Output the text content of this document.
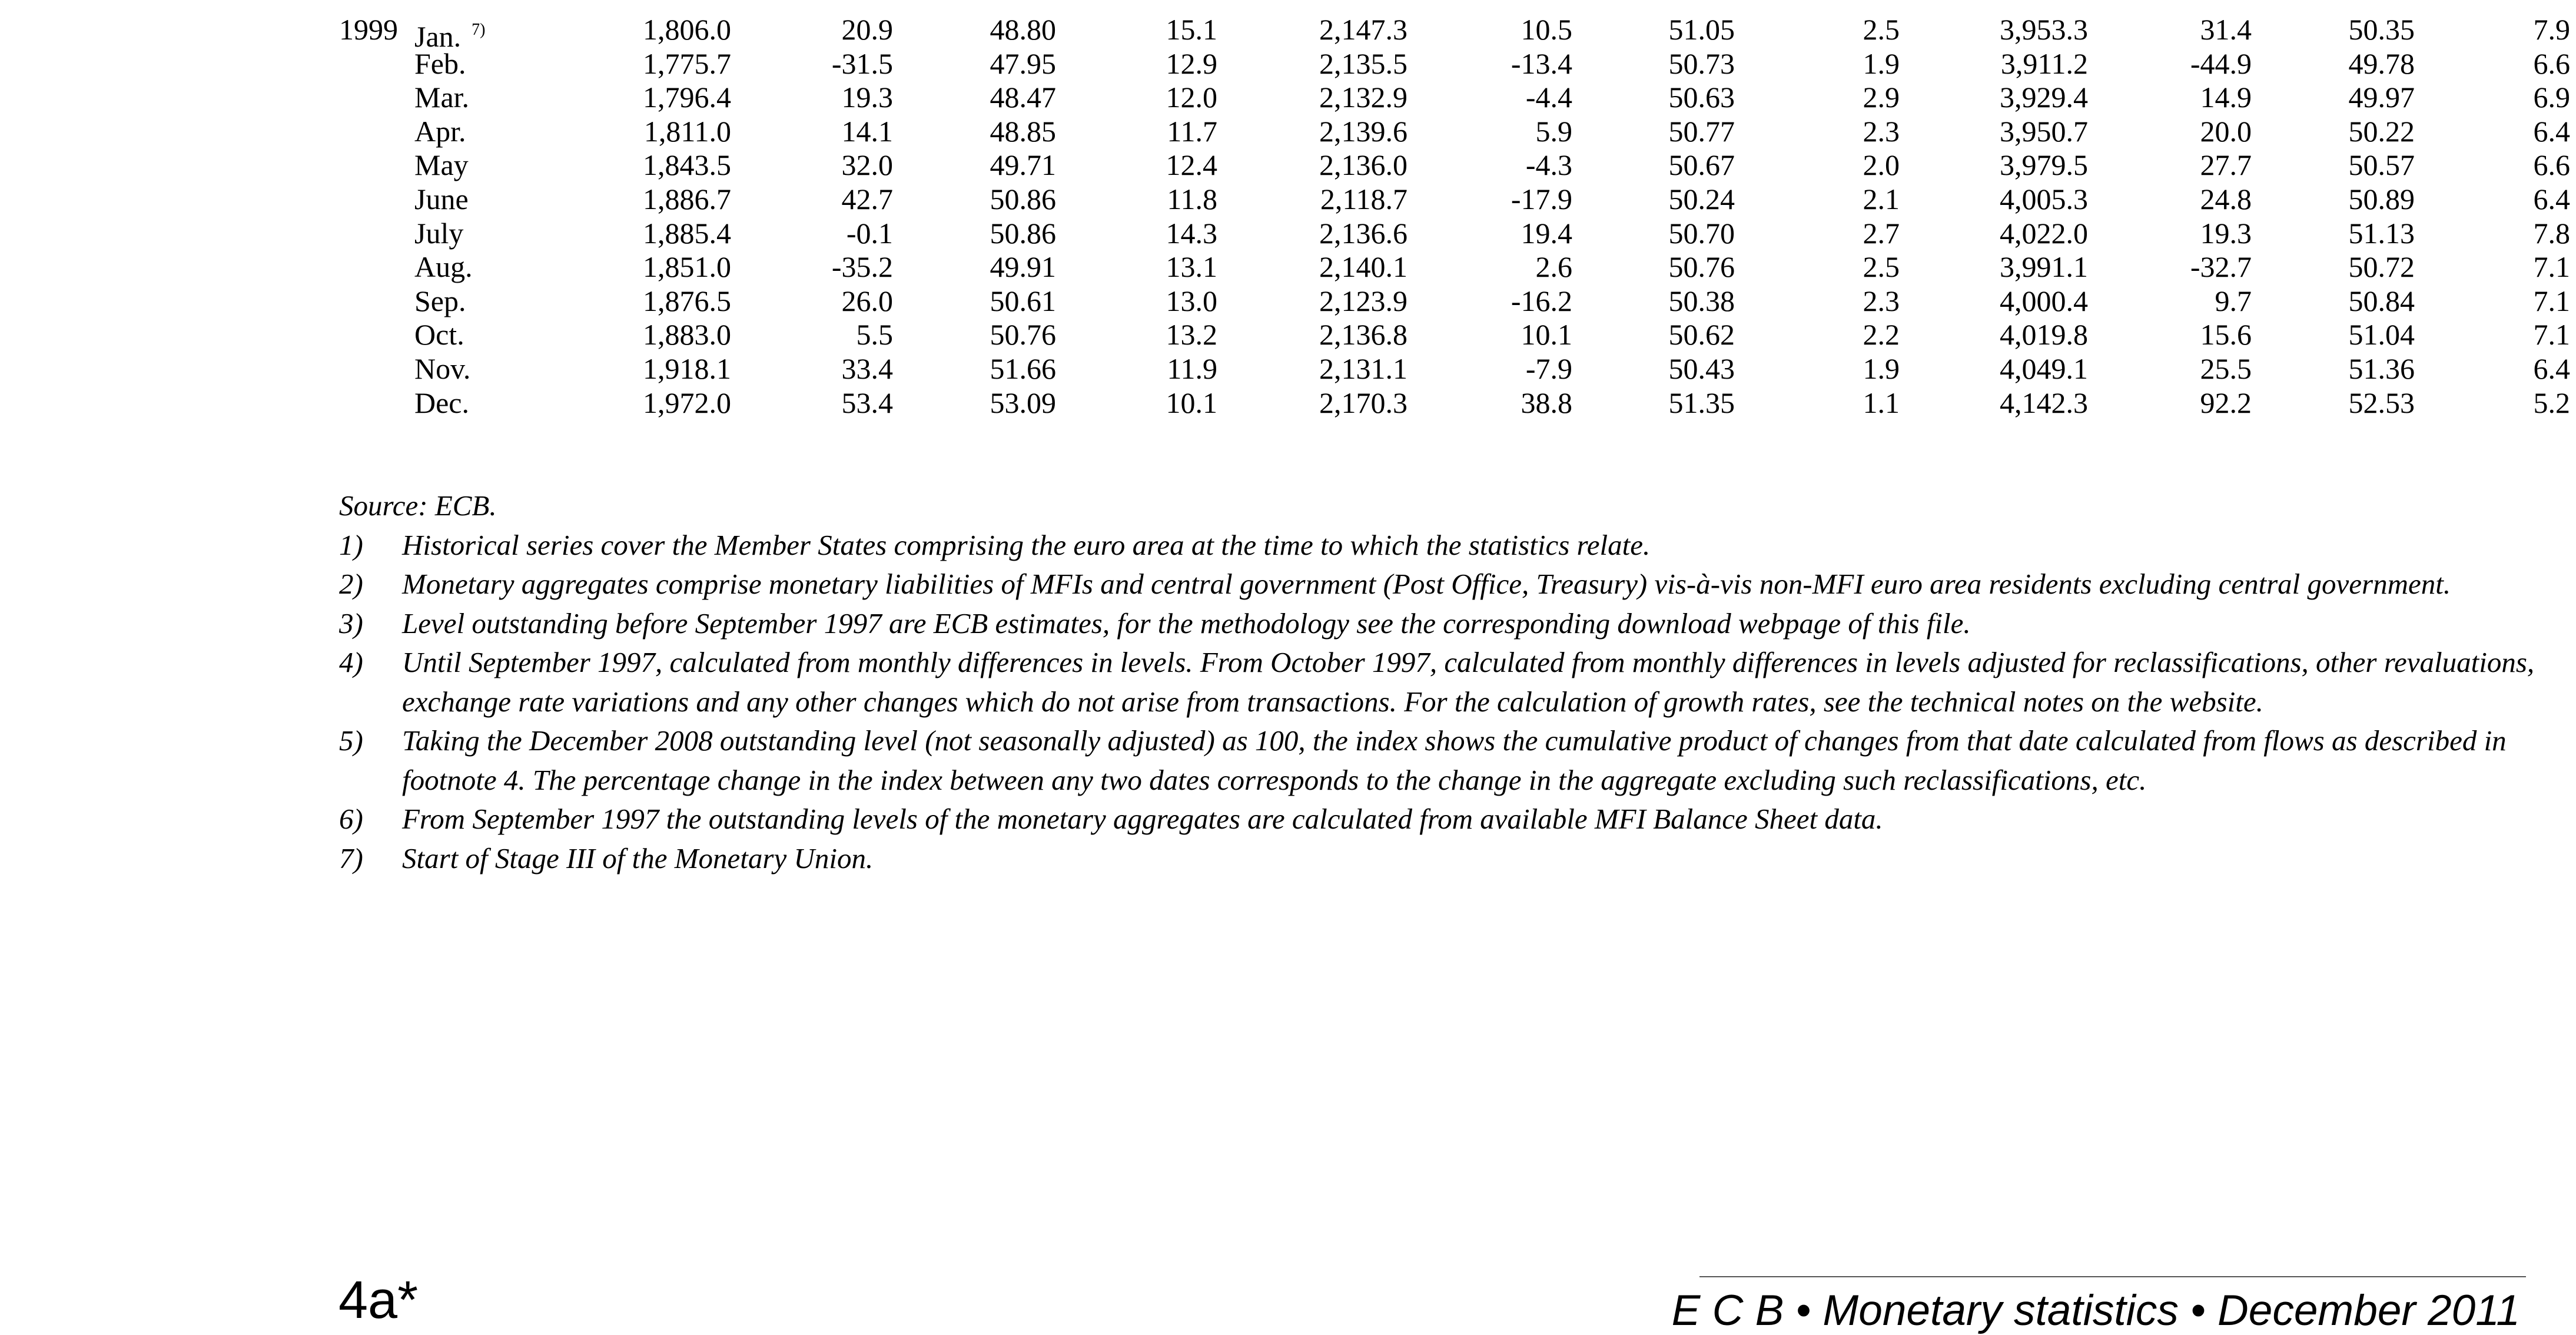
1999 Jan. $^{7)}$	1,806.0	20.9	48.80	15.1	2,147.3	10.5	51.05	2.5	3,953.3	31.4	50.35	7.9
Feb.	1,775.7	-31.5	47.95	12.9	2,135.5	-13.4	50.73	1.9	3,911.2	-44.9	49.78	6.6
Mar.	1,796.4	19.3	48.47	12.0	2,132.9	-4.4	50.63	2.9	3,929.4	14.9	49.97	6.9
Apr.	1,811.0	14.1	48.85	11.7	2,139.6	5.9	50.77	2.3	3,950.7	20.0	50.22	6.4
May	1,843.5	32.0	49.71	12.4	2,136.0	-4.3	50.67	2.0	3,979.5	27.7	50.57	6.6
June	1,886.7	42.7	50.86	11.8	2,118.7	-17.9	50.24	2.1	4,005.3	24.8	50.89	6.4
July	1,885.4	-0.1	50.86	14.3	2,136.6	19.4	50.70	2.7	4,022.0	19.3	51.13	7.8
Aug.	1,851.0	-35.2	49.91	13.1	2,140.1	2.6	50.76	2.5	3,991.1	-32.7	50.72	7.1
Sep.	1,876.5	26.0	50.61	13.0	2,123.9	-16.2	50.38	2.3	4,000.4	9.7	50.84	7.1
Oct.	1,883.0	5.5	50.76	13.2	2,136.8	10.1	50.62	2.2	4,019.8	15.6	51.04	7.1
Nov.	1,918.1	33.4	51.66	11.9	2,131.1	-7.9	50.43	1.9	4,049.1	25.5	51.36	6.4
Dec.	1,972.0	53.4	53.09	10.1	2,170.3	38.8	51.35	1.1	4,142.3	92.2	52.53	5.2
Source: ECB.
1) Historical series cover the Member States comprising the euro area at the time to which the statistics relate.
2) Monetary aggregates comprise monetary liabilities of MFIs and central government (Post Office, Treasury) vis-à-vis non-MFI euro area residents excluding central government.
3) Level outstanding before September 1997 are ECB estimates, for the methodology see the corresponding download webpage of this file.
4) Until September 1997, calculated from monthly differences in levels. From October 1997, calculated from monthly differences in levels adjusted for reclassifications, other revaluations, exchange rate variations and any other changes which do not arise from transactions. For the calculation of growth rates, see the technical notes on the website.
5) Taking the December 2008 outstanding level (not seasonally adjusted) as 100, the index shows the cumulative product of changes from that date calculated from flows as described in footnote 4. The percentage change in the index between any two dates corresponds to the change in the aggregate excluding such reclassifications, etc.
6) From September 1997 the outstanding levels of the monetary aggregates are calculated from available MFI Balance Sheet data.
7) Start of Stage III of the Monetary Union.
4a*	E C B • Monetary statistics • December 2011
